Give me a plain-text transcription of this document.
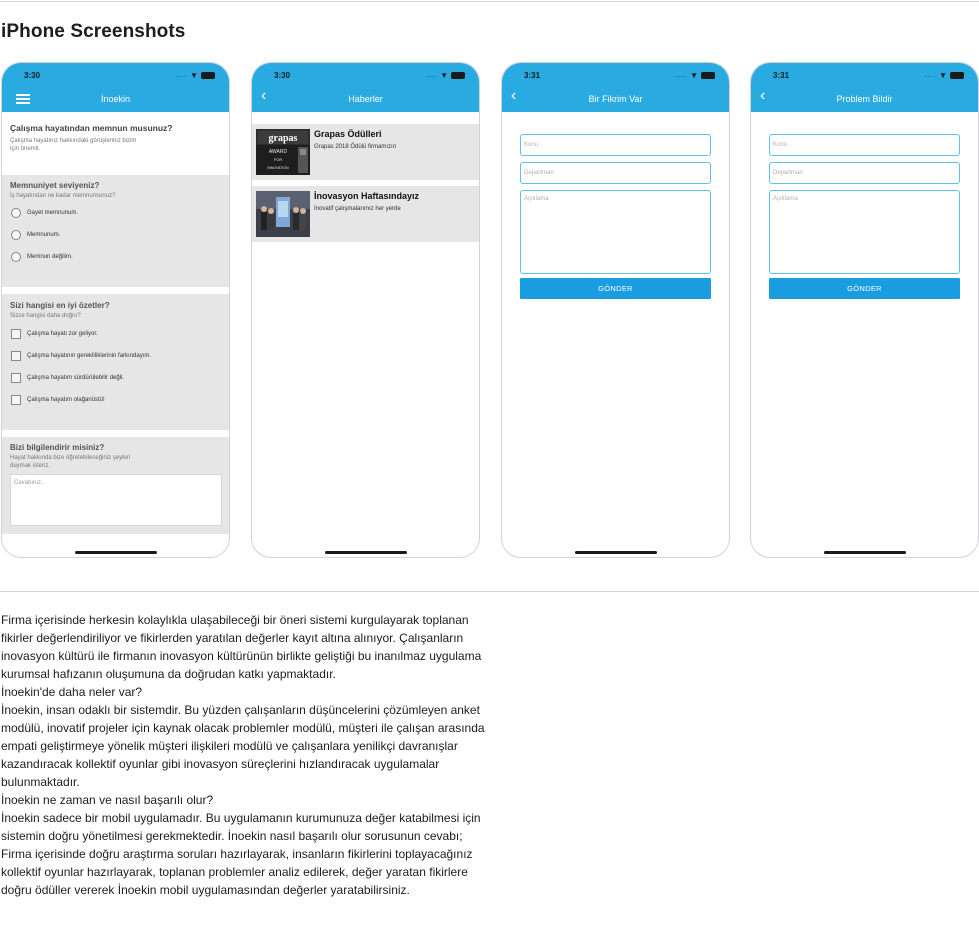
iPhone Screenshots
3:30	.... ▼
İnoekin
Çalışma hayatından memnun musunuz?
Çalışma hayatınız hakkındaki görüşleriniz bizim
için önemli.
Memnuniyet seviyeniz?
İş hayatından ne kadar memnunsunuz?
Gayet memnunum.
Memnunum.
Memnun değilim.
Sizi hangisi en iyi özetler?
Sizce hangisi daha doğru?
Çalışma hayatı zor geliyor.
Çalışma hayatının gerekliliklerinin farkındayım.
Çalışma hayatım sürdürülebilir değil.
Çalışma hayatım olağanüstü!
Bizi bilgilendirir misiniz?
Hayat hakkında bize öğretebileceğiniz şeyleri
duymak isteriz.
Cevabınız..
3:30	.... ▼
‹	Haberler
grapas
AWARD
FOR
INNOVATION
Grapas Ödülleri
Grapas 2018 Ödülü firmamızın
İnovasyon Haftasındayız
İnovatif çalışmalarımız her yerde
3:31	.... ▼
‹	Bir Fikrim Var
Konu
Departman
Açıklama
GÖNDER
3:31	.... ▼
‹	Problem Bildir
Konu
Departman
Açıklama
GÖNDER

Firma içerisinde herkesin kolaylıkla ulaşabileceği bir öneri sistemi kurgulayarak toplanan

fikirler değerlendiriliyor ve fikirlerden yaratılan değerler kayıt altına alınıyor. Çalışanların

inovasyon kültürü ile firmanın inovasyon kültürünün birlikte geliştiği bu inanılmaz uygulama

kurumsal hafızanın oluşumuna da doğrudan katkı yapmaktadır.

İnoekin'de daha neler var?

İnoekin, insan odaklı bir sistemdir. Bu yüzden çalışanların düşüncelerini çözümleyen anket

modülü, inovatif projeler için kaynak olacak problemler modülü, müşteri ile çalışan arasında

empati geliştirmeye yönelik müşteri ilişkileri modülü ve çalışanlara yenilikçi davranışlar

kazandıracak kollektif oyunlar gibi inovasyon süreçlerini hızlandıracak uygulamalar

bulunmaktadır.

İnoekin ne zaman ve nasıl başarılı olur?

İnoekin sadece bir mobil uygulamadır. Bu uygulamanın kurumunuza değer katabilmesi için

sistemin doğru yönetilmesi gerekmektedir. İnoekin nasıl başarılı olur sorusunun cevabı;

Firma içerisinde doğru araştırma soruları hazırlayarak, insanların fikirlerini toplayacağınız

kollektif oyunlar hazırlayarak, toplanan problemler analiz edilerek, değer yaratan fikirlere

doğru ödüller vererek İnoekin mobil uygulamasından değerler yaratabilirsiniz.
